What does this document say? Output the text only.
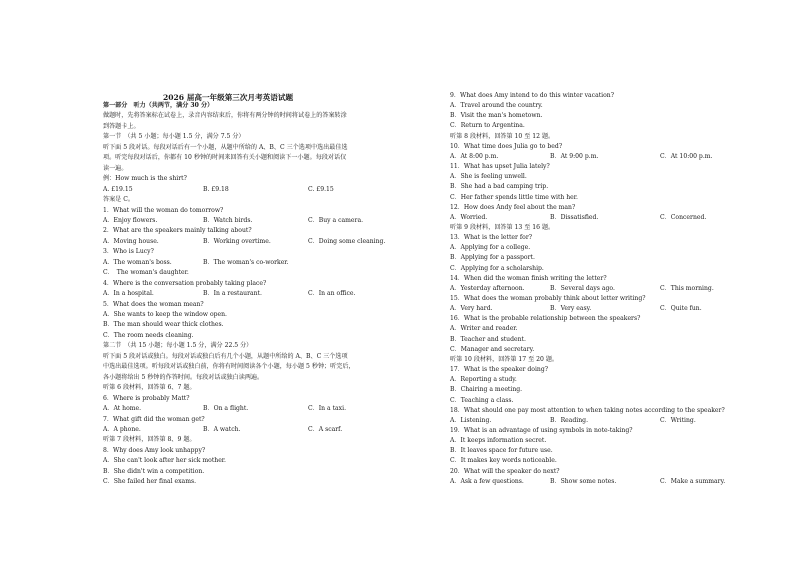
2026 届高一年级第三次月考英语试题
第一部分　听力（共两节，满分 30 分）
做题时，先将答案标在试卷上，录音内容结束后，你将有两分钟的时间将试卷上的答案转涂
到答题卡上。
第一节　（共 5 小题；每小题 1.5 分，满分 7.5 分）
听下面 5 段对话。每段对话后有一个小题，从题中所给的 A、B、C 三个选项中选出最佳选
项。听完每段对话后，你都有 10 秒钟的时间来回答有关小题和阅读下一小题。每段对话仅
读一遍。
例：How much is the shirt?
A. £19.15	B. £9.18	C. £9.15
答案是 C。
1．What will the woman do tomorrow?
A．Enjoy flowers.	B．Watch birds.	C．Buy a camera.
2．What are the speakers mainly talking about?
A．Moving house.	B．Working overtime.	C．Doing some cleaning.
3．Who is Lucy?
A．The woman's boss.	B．The woman's co-worker.
C．　The woman's daughter.
4．Where is the conversation probably taking place?
A．In a hospital.	B．In a restaurant.	C．In an office.
5．What does the woman mean?
A．She wants to keep the window open.
B．The man should wear thick clothes.
C．The room needs cleaning.
第二节　（共 15 小题；每小题 1.5 分，满分 22.5 分）
听下面 5 段对话或独白。每段对话或独白后有几个小题，从题中所给的 A、B、C 三个选项
中选出最佳选项。听每段对话或独白前，你将有时间阅读各个小题，每小题 5 秒钟；听完后，
各小题将给出 5 秒钟的作答时间。每段对话或独白读两遍。
听第 6 段材料，回答第 6、7 题。
6．Where is probably Matt?
A．At home.	B．On a flight.	C．In a taxi.
7．What gift did the woman get?
A．A phone.	B．A watch.	C．A scarf.
听第 7 段材料，回答第 8、9 题。
8．Why does Amy look unhappy?
A．She can't look after her sick mother.
B．She didn't win a competition.
C．She failed her final exams.
9．What does Amy intend to do this winter vacation?
A．Travel around the country.
B．Visit the man's hometown.
C．Return to Argentina.
听第 8 段材料，回答第 10 至 12 题。
10．What time does Julia go to bed?
A．At 8:00 p.m.	B．At 9:00 p.m.	C．At 10:00 p.m.
11．What has upset Julia lately?
A．She is feeling unwell.
B．She had a bad camping trip.
C．Her father spends little time with her.
12．How does Andy feel about the man?
A．Worried.	B．Dissatisfied.	C．Concerned.
听第 9 段材料，回答第 13 至 16 题。
13．What is the letter for?
A．Applying for a college.
B．Applying for a passport.
C．Applying for a scholarship.
14．When did the woman finish writing the letter?
A．Yesterday afternoon.	B．Several days ago.	C．This morning.
15．What does the woman probably think about letter writing?
A．Very hard.	B．Very easy.	C．Quite fun.
16．What is the probable relationship between the speakers?
A．Writer and reader.
B．Teacher and student.
C．Manager and secretary.
听第 10 段材料，回答第 17 至 20 题。
17．What is the speaker doing?
A．Reporting a study.
B．Chairing a meeting.
C．Teaching a class.
18．What should one pay most attention to when taking notes according to the speaker?
A．Listening.	B．Reading.	C．Writing.
19．What is an advantage of using symbols in note-taking?
A．It keeps information secret.
B．It leaves space for future use.
C．It makes key words noticeable.
20．What will the speaker do next?
A．Ask a few questions.	B．Show some notes.	C．Make a summary.
